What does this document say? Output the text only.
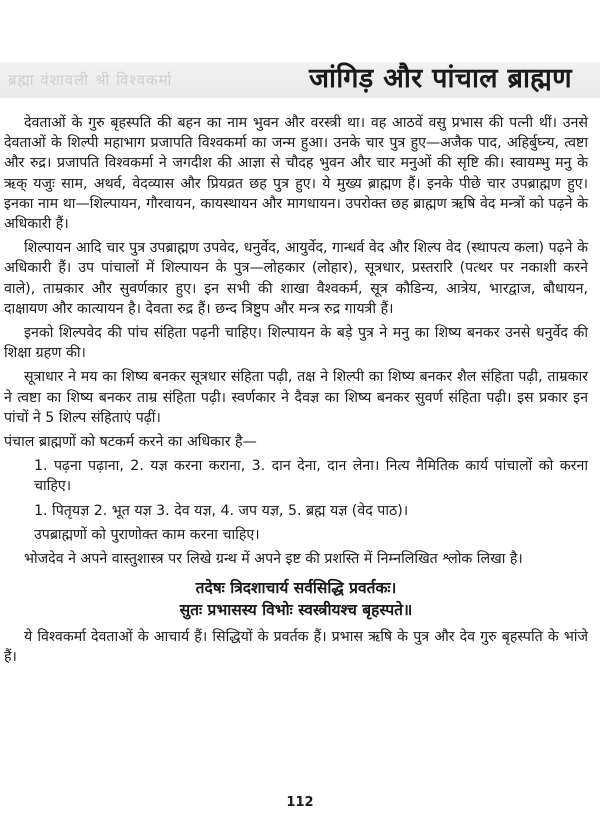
ब्रह्मा वंशावली श्री विश्वकर्मा	जांगिड़ और पांचाल ब्राह्मण

देवताओं के गुरु बृहस्पति की बहन का नाम भुवन और वरस्त्री था। वह आठवें वसु प्रभास की पत्नी थीं। उनसे देवताओं के शिल्पी महाभाग प्रजापति विश्वकर्मा का जन्म हुआ। उनके चार पुत्र हुए—अजैक पाद, अहिर्बुघ्न्य, त्वष्टा और रुद्र। प्रजापति विश्वकर्मा ने जगदीश की आज्ञा से चौदह भुवन और चार मनुओं की सृष्टि की। स्वायम्भु मनु के ऋक् यजुः साम, अथर्व, वेदव्यास और प्रियव्रत छह पुत्र हुए। ये मुख्य ब्राह्मण हैं। इनके पीछे चार उपब्राह्मण हुए। इनका नाम था—शिल्पायन, गौरवायन, कायस्थायन और मागधायन। उपरोक्त छह ब्राह्मण ऋषि वेद मन्त्रों को पढ़ने के अधिकारी हैं।

शिल्पायन आदि चार पुत्र उपब्राह्मण उपवेद, धनुर्वेद, आयुर्वेद, गान्धर्व वेद और शिल्प वेद (स्थापत्य कला) पढ़ने के अधिकारी हैं। उप पांचालों में शिल्पायन के पुत्र—लोहकार (लोहार), सूत्रधार, प्रस्तरारि (पत्थर पर नकाशी करने वाले), ताम्रकार और सुवर्णकार हुए। इन सभी की शाखा वैश्वकर्म, सूत्र कौडिन्य, आत्रेय, भारद्वाज, बौधायन, दाक्षायण और कात्यायन है। देवता रुद्र हैं। छन्द त्रिष्टुप और मन्त्र रुद्र गायत्री हैं।

इनको शिल्पवेद की पांच संहिता पढ़नी चाहिए। शिल्पायन के बड़े पुत्र ने मनु का शिष्य बनकर उनसे धनुर्वेद की शिक्षा ग्रहण की।

सूत्राधार ने मय का शिष्य बनकर सूत्रधार संहिता पढ़ी, तक्ष ने शिल्पी का शिष्य बनकर शैल संहिता पढ़ी, ताम्रकार ने त्वष्टा का शिष्य बनकर ताम्र संहिता पढ़ी। स्वर्णकार ने दैवज्ञ का शिष्य बनकर सुवर्ण संहिता पढ़ी। इस प्रकार इन पांचों ने 5 शिल्प संहिताएं पढ़ीं।

पंचाल ब्राह्मणों को षटकर्म करने का अधिकार है—

1. पढ़ना पढ़ाना, 2. यज्ञ करना कराना, 3. दान देना, दान लेना। नित्य नैमितिक कार्य पांचालों को करना चाहिए।

1. पितृयज्ञ 2. भूत यज्ञ 3. देव यज्ञ, 4. जप यज्ञ, 5. ब्रह्म यज्ञ (वेद पाठ)।

उपब्राह्मणों को पुराणोक्त काम करना चाहिए।

भोजदेव ने अपने वास्तुशास्त्र पर लिखे ग्रन्थ में अपने इष्ट की प्रशस्ति में निम्नलिखित श्लोक लिखा है।

तदेषः त्रिदशाचार्य सर्वसिद्धि प्रवर्तकः।
सुतः प्रभासस्य विभोः स्वस्त्रीयश्च बृहस्पते॥

ये विश्वकर्मा देवताओं के आचार्य हैं। सिद्धियों के प्रवर्तक हैं। प्रभास ऋषि के पुत्र और देव गुरु बृहस्पति के भांजे हैं।

112
